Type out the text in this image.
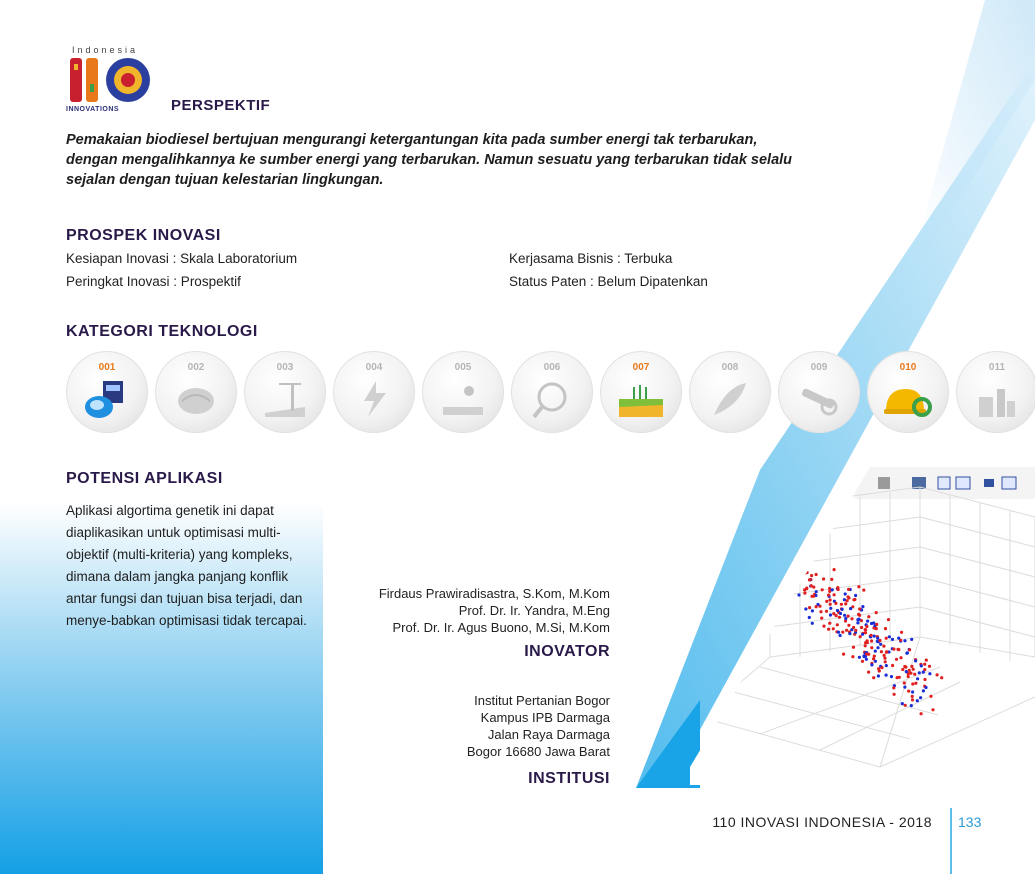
Indonesia
INNOVATIONS	PERSPEKTIF
Pemakaian biodiesel bertujuan mengurangi ketergantungan kita pada sumber energi tak terbarukan, dengan mengalihkannya ke sumber energi yang terbarukan. Namun sesuatu yang terbarukan tidak selalu sejalan dengan tujuan kelestarian lingkungan.
PROSPEK INOVASI
Kesiapan Inovasi : Skala Laboratorium
Peringkat Inovasi : Prospektif
Kerjasama Bisnis : Terbuka
Status Paten : Belum Dipatenkan
KATEGORI TEKNOLOGI
001	002	003	004	005	006	007	008	009	010	011
POTENSI APLIKASI
Aplikasi algortima genetik ini dapat diaplikasikan untuk optimisasi multi-objektif (multi-kriteria) yang kompleks, dimana dalam jangka panjang konflik antar fungsi dan tujuan bisa terjadi, dan menye-babkan optimisasi tidak tercapai.
Firdaus Prawiradisastra, S.Kom, M.Kom
Prof. Dr. Ir. Yandra, M.Eng
Prof. Dr. Ir. Agus Buono, M.Si, M.Kom
INOVATOR
Institut Pertanian Bogor
Kampus IPB Darmaga
Jalan Raya Darmaga
Bogor 16680 Jawa Barat
INSTITUSI
110 INOVASI INDONESIA - 2018 133
